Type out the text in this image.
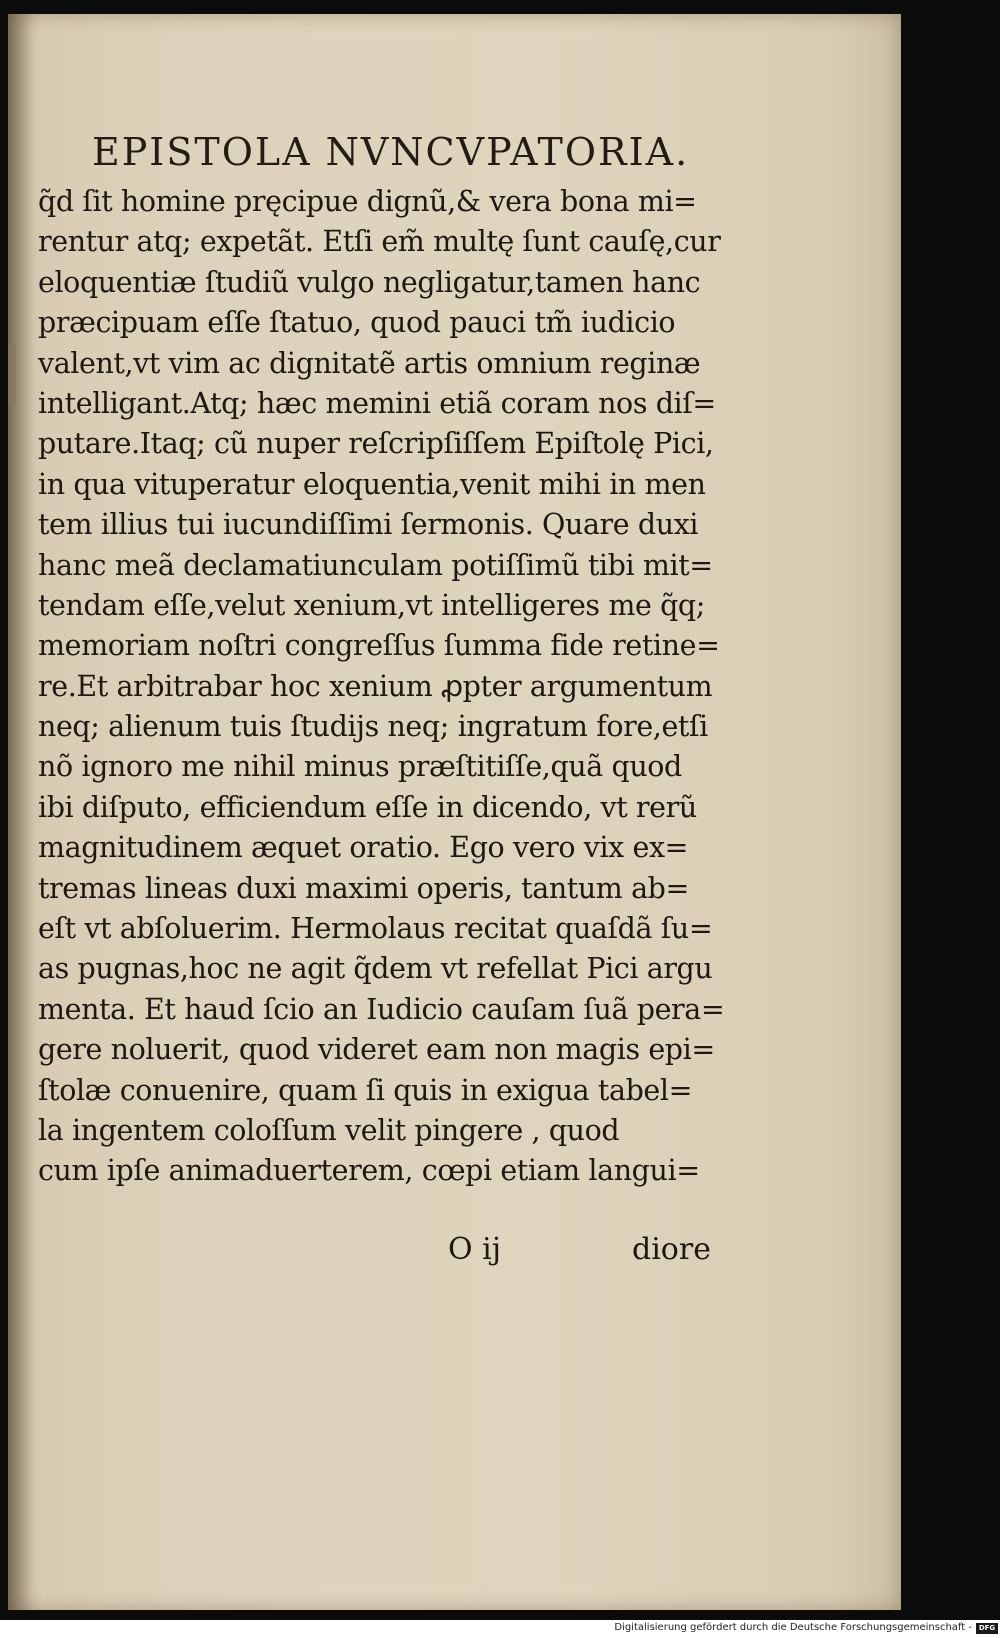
EPISTOLA NVNCVPATORIA.
q̃d ſit homine pręcipue dignũ,& vera bona mi=
rentur atq; expetãt. Etſi em̃ multę ſunt cauſę,cur
eloquentiæ ſtudiũ vulgo negligatur,tamen hanc
præcipuam eſſe ſtatuo, quod pauci tm̃ iudicio
valent,vt vim ac dignitatẽ artis omnium reginæ
intelligant.Atq; hæc memini etiã coram nos diſ=
putare.Itaq; cũ nuper reſcripſiſſem Epiſtolę Pici,
in qua vituperatur eloquentia,venit mihi in men
tem illius tui iucundiſſimi ſermonis. Quare duxi
hanc meã declamatiunculam potiſſimũ tibi mit=
tendam eſſe,velut xenium,vt intelligeres me q̃q;
memoriam noſtri congreſſus ſumma fide retine=
re.Et arbitrabar hoc xenium ꝓpter argumentum
neq; alienum tuis ſtudijs neq; ingratum fore,etſi
nõ ignoro me nihil minus præſtitiſſe,quã quod
ibi diſputo, efficiendum eſſe in dicendo, vt rerũ
magnitudinem æquet oratio. Ego vero vix ex=
tremas lineas duxi maximi operis, tantum ab=
eſt vt abſoluerim. Hermolaus recitat quaſdã ſu=
as pugnas,hoc ne agit q̃dem vt refellat Pici argu
menta. Et haud ſcio an Iudicio cauſam ſuã pera=
gere noluerit, quod videret eam non magis epi=
ſtolæ conuenire, quam ſi quis in exigua tabel=
la ingentem coloſſum velit pingere , quod
cum ipſe animaduerterem, cœpi etiam langui=
O ij	diore
Digitalisierung gefördert durch die Deutsche Forschungsgemeinschaft - DFG
